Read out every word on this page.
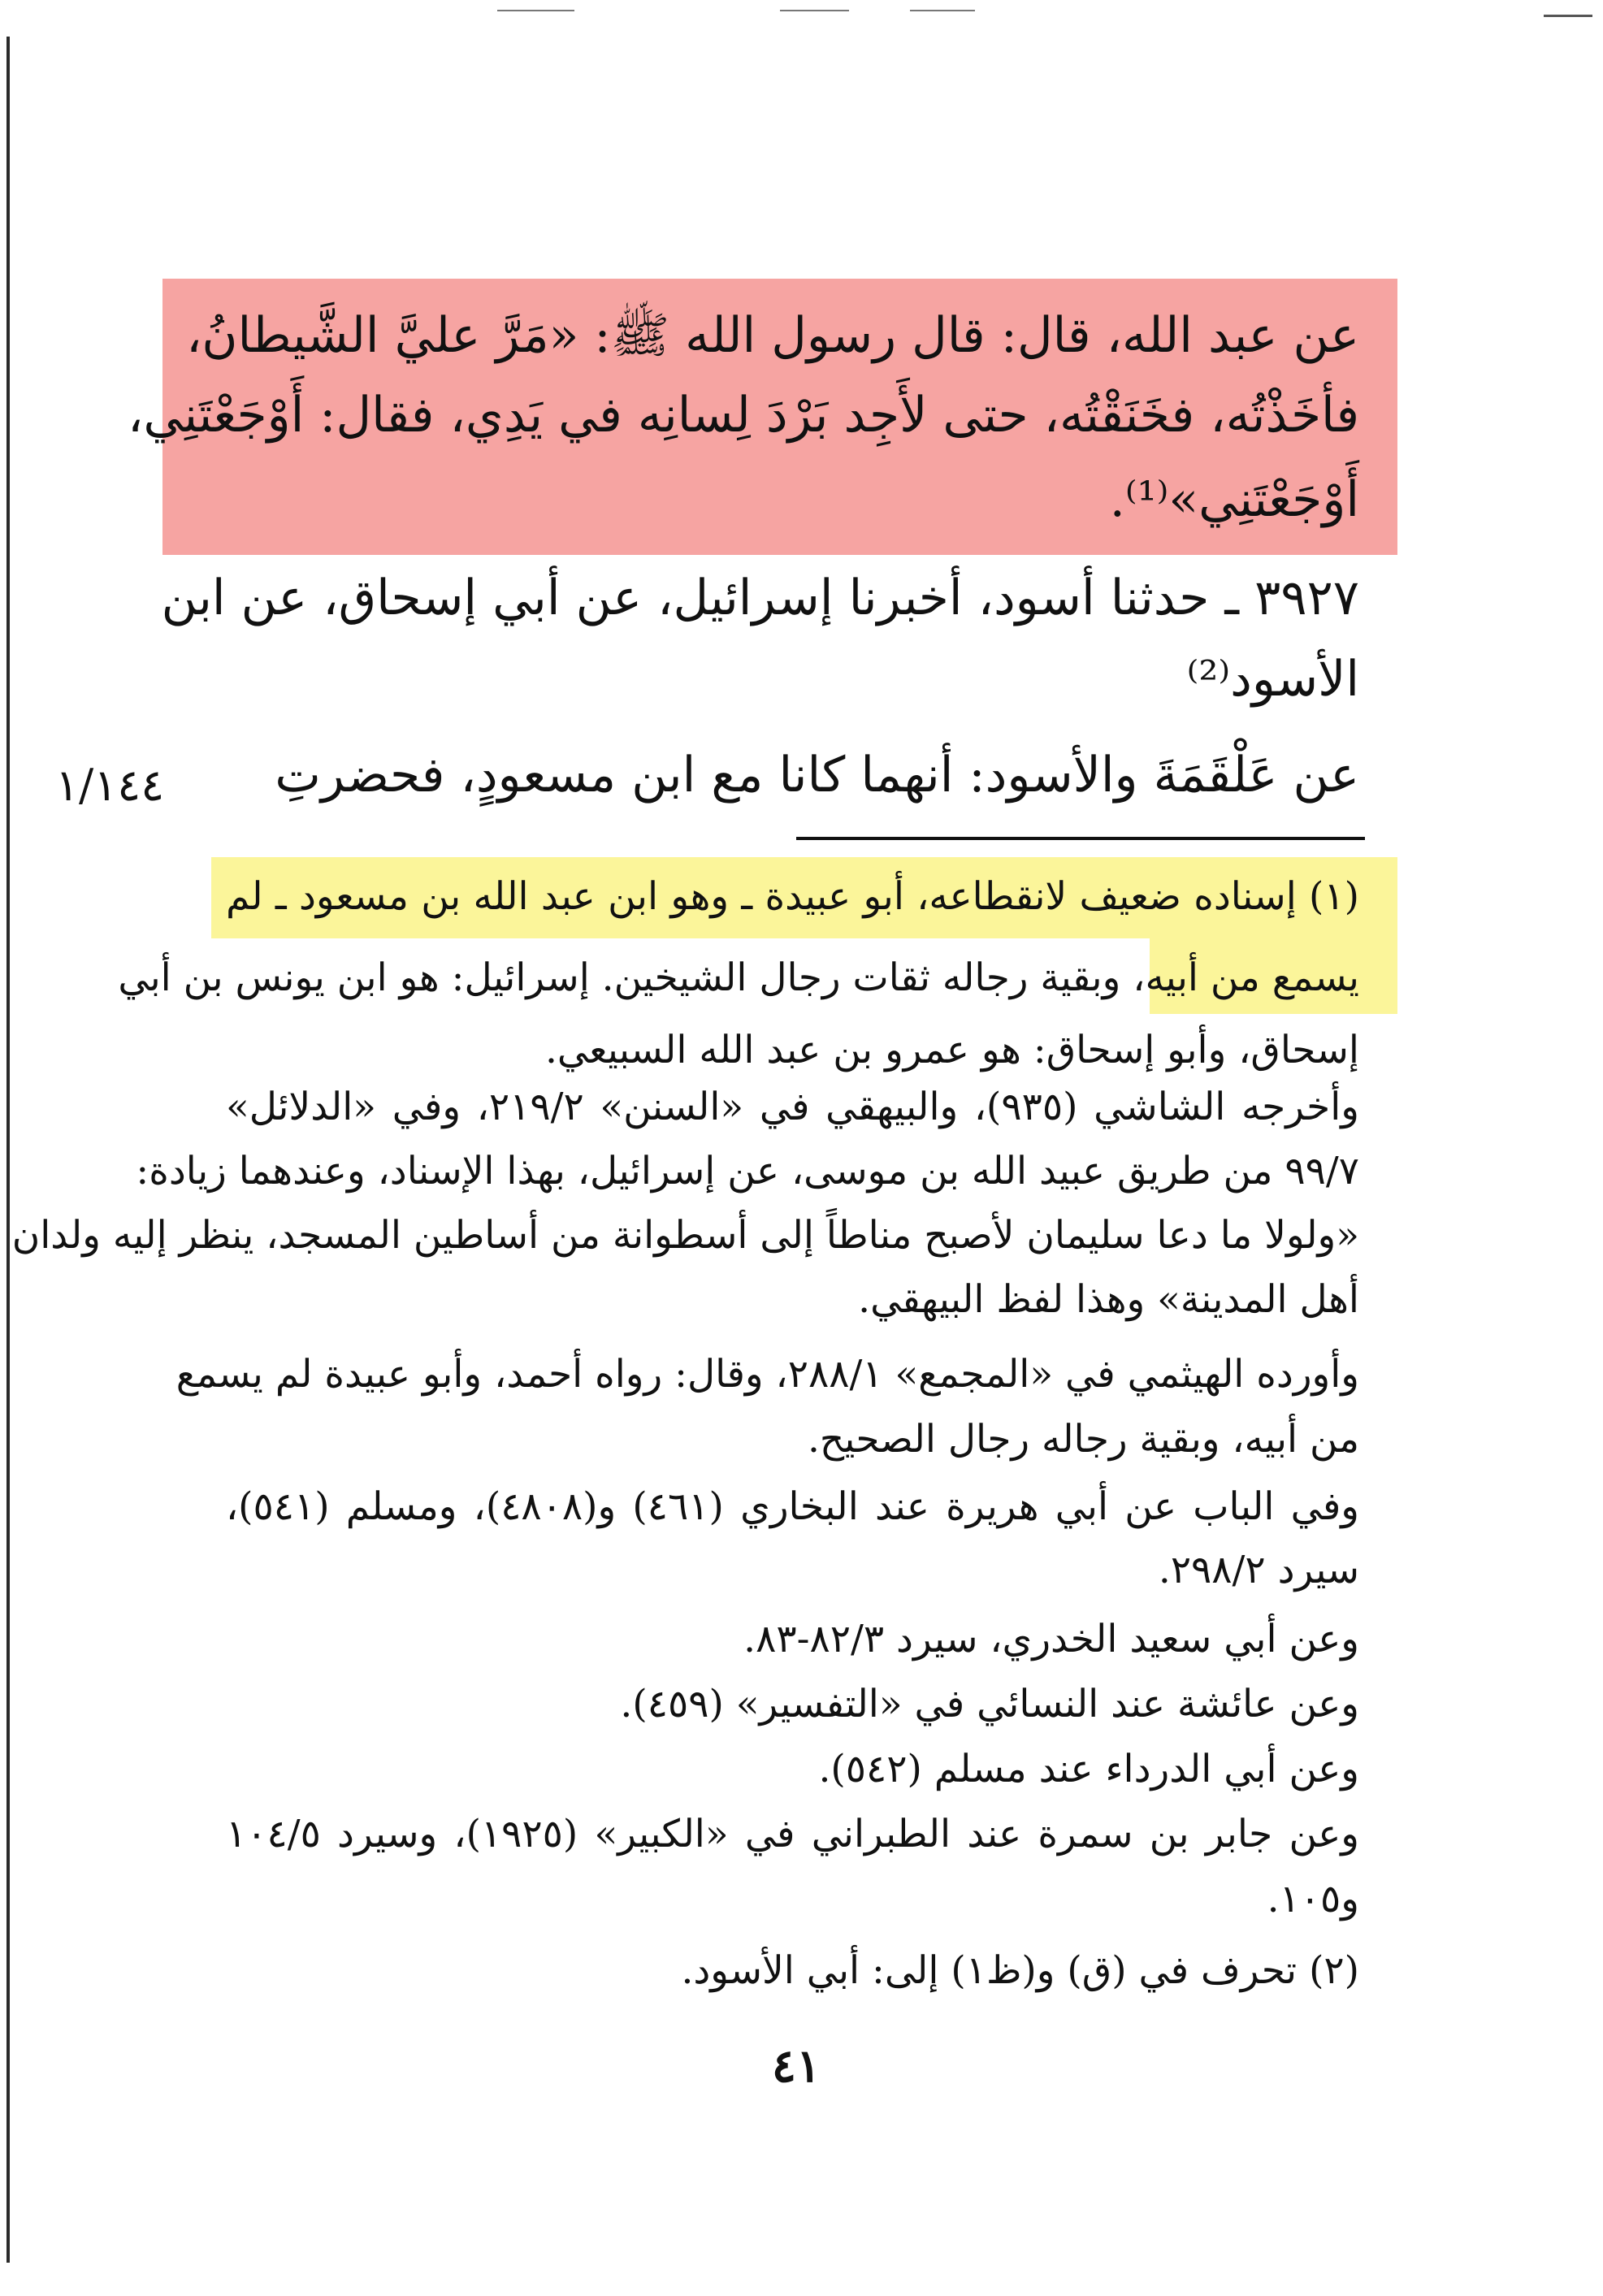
عن عبد الله، قال: قال رسول الله ﷺ: «مَرَّ عليَّ الشَّيطانُ،
فأخَذْتُه، فخَنَقْتُه، حتى لأَجِد بَرْدَ لِسانِه في يَدِي، فقال: أَوْجَعْتَنِي،
أَوْجَعْتَنِي»⁽¹⁾.
٣٩٢٧ ـ حدثنا أسود، أخبرنا إسرائيل، عن أبي إسحاق، عن ابن
الأسود⁽²⁾
عن عَلْقَمَةَ والأسود: أنهما كانا مع ابن مسعودٍ، فحضرتِ
١/١٤٤
(١) إسناده ضعيف لانقطاعه، أبو عبيدة ـ وهو ابن عبد الله بن مسعود ـ لم
يسمع من أبيه، وبقية رجاله ثقات رجال الشيخين. إسرائيل: هو ابن يونس بن أبي
إسحاق، وأبو إسحاق: هو عمرو بن عبد الله السبيعي.
وأخرجه الشاشي (٩٣٥)، والبيهقي في «السنن» ٢١٩/٢، وفي «الدلائل»
٩٩/٧ من طريق عبيد الله بن موسى، عن إسرائيل، بهذا الإسناد، وعندهما زيادة:
«ولولا ما دعا سليمان لأصبح مناطاً إلى أسطوانة من أساطين المسجد، ينظر إليه ولدان
أهل المدينة» وهذا لفظ البيهقي.
وأورده الهيثمي في «المجمع» ٢٨٨/١، وقال: رواه أحمد، وأبو عبيدة لم يسمع
من أبيه، وبقية رجاله رجال الصحيح.
وفي الباب عن أبي هريرة عند البخاري (٤٦١) و(٤٨٠٨)، ومسلم (٥٤١)،
سيرد ٢٩٨/٢.
وعن أبي سعيد الخدري، سيرد ٨٢/٣-٨٣.
وعن عائشة عند النسائي في «التفسير» (٤٥٩).
وعن أبي الدرداء عند مسلم (٥٤٢).
وعن جابر بن سمرة عند الطبراني في «الكبير» (١٩٢٥)، وسيرد ١٠٤/٥
و١٠٥.
(٢) تحرف في (ق) و(ظ١) إلى: أبي الأسود.
٤١
